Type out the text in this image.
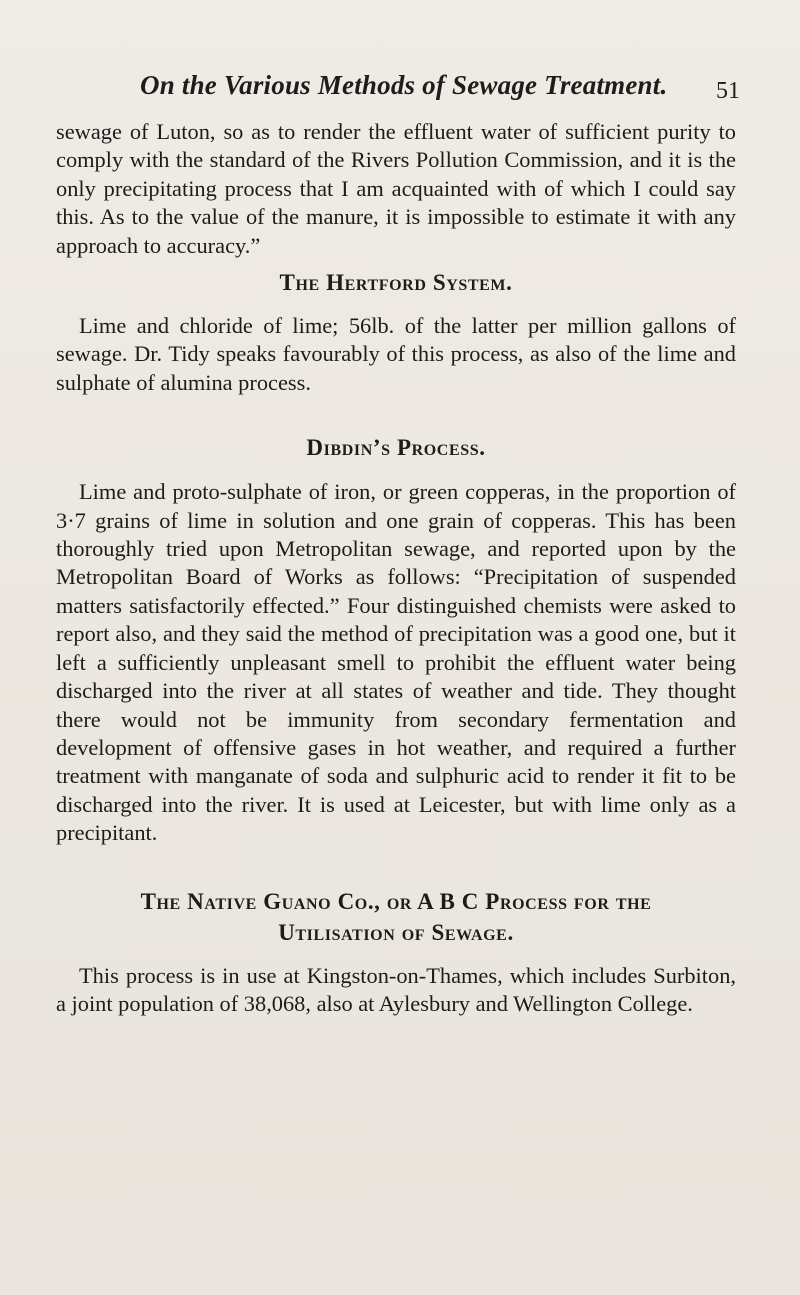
On the Various Methods of Sewage Treatment. 51

sewage of Luton, so as to render the effluent water of sufficient purity to comply with the standard of the Rivers Pollution Commission, and it is the only precipitating process that I am acquainted with of which I could say this. As to the value of the manure, it is impossible to estimate it with any approach to accuracy.”

The Hertford System.

Lime and chloride of lime; 56lb. of the latter per million gallons of sewage. Dr. Tidy speaks favourably of this process, as also of the lime and sulphate of alumina process.

Dibdin’s Process.

Lime and proto-sulphate of iron, or green copperas, in the proportion of 3·7 grains of lime in solution and one grain of copperas. This has been thoroughly tried upon Metropolitan sewage, and reported upon by the Metropolitan Board of Works as follows: “Precipitation of suspended matters satisfactorily effected.” Four distinguished chemists were asked to report also, and they said the method of precipitation was a good one, but it left a sufficiently unpleasant smell to prohibit the effluent water being discharged into the river at all states of weather and tide. They thought there would not be immunity from secondary fermentation and development of offensive gases in hot weather, and required a further treatment with manganate of soda and sulphuric acid to render it fit to be discharged into the river. It is used at Leicester, but with lime only as a precipitant.

The Native Guano Co., or A B C Process for the
Utilisation of Sewage.

This process is in use at Kingston-on-Thames, which includes Surbiton, a joint population of 38,068, also at Aylesbury and Wellington College.
